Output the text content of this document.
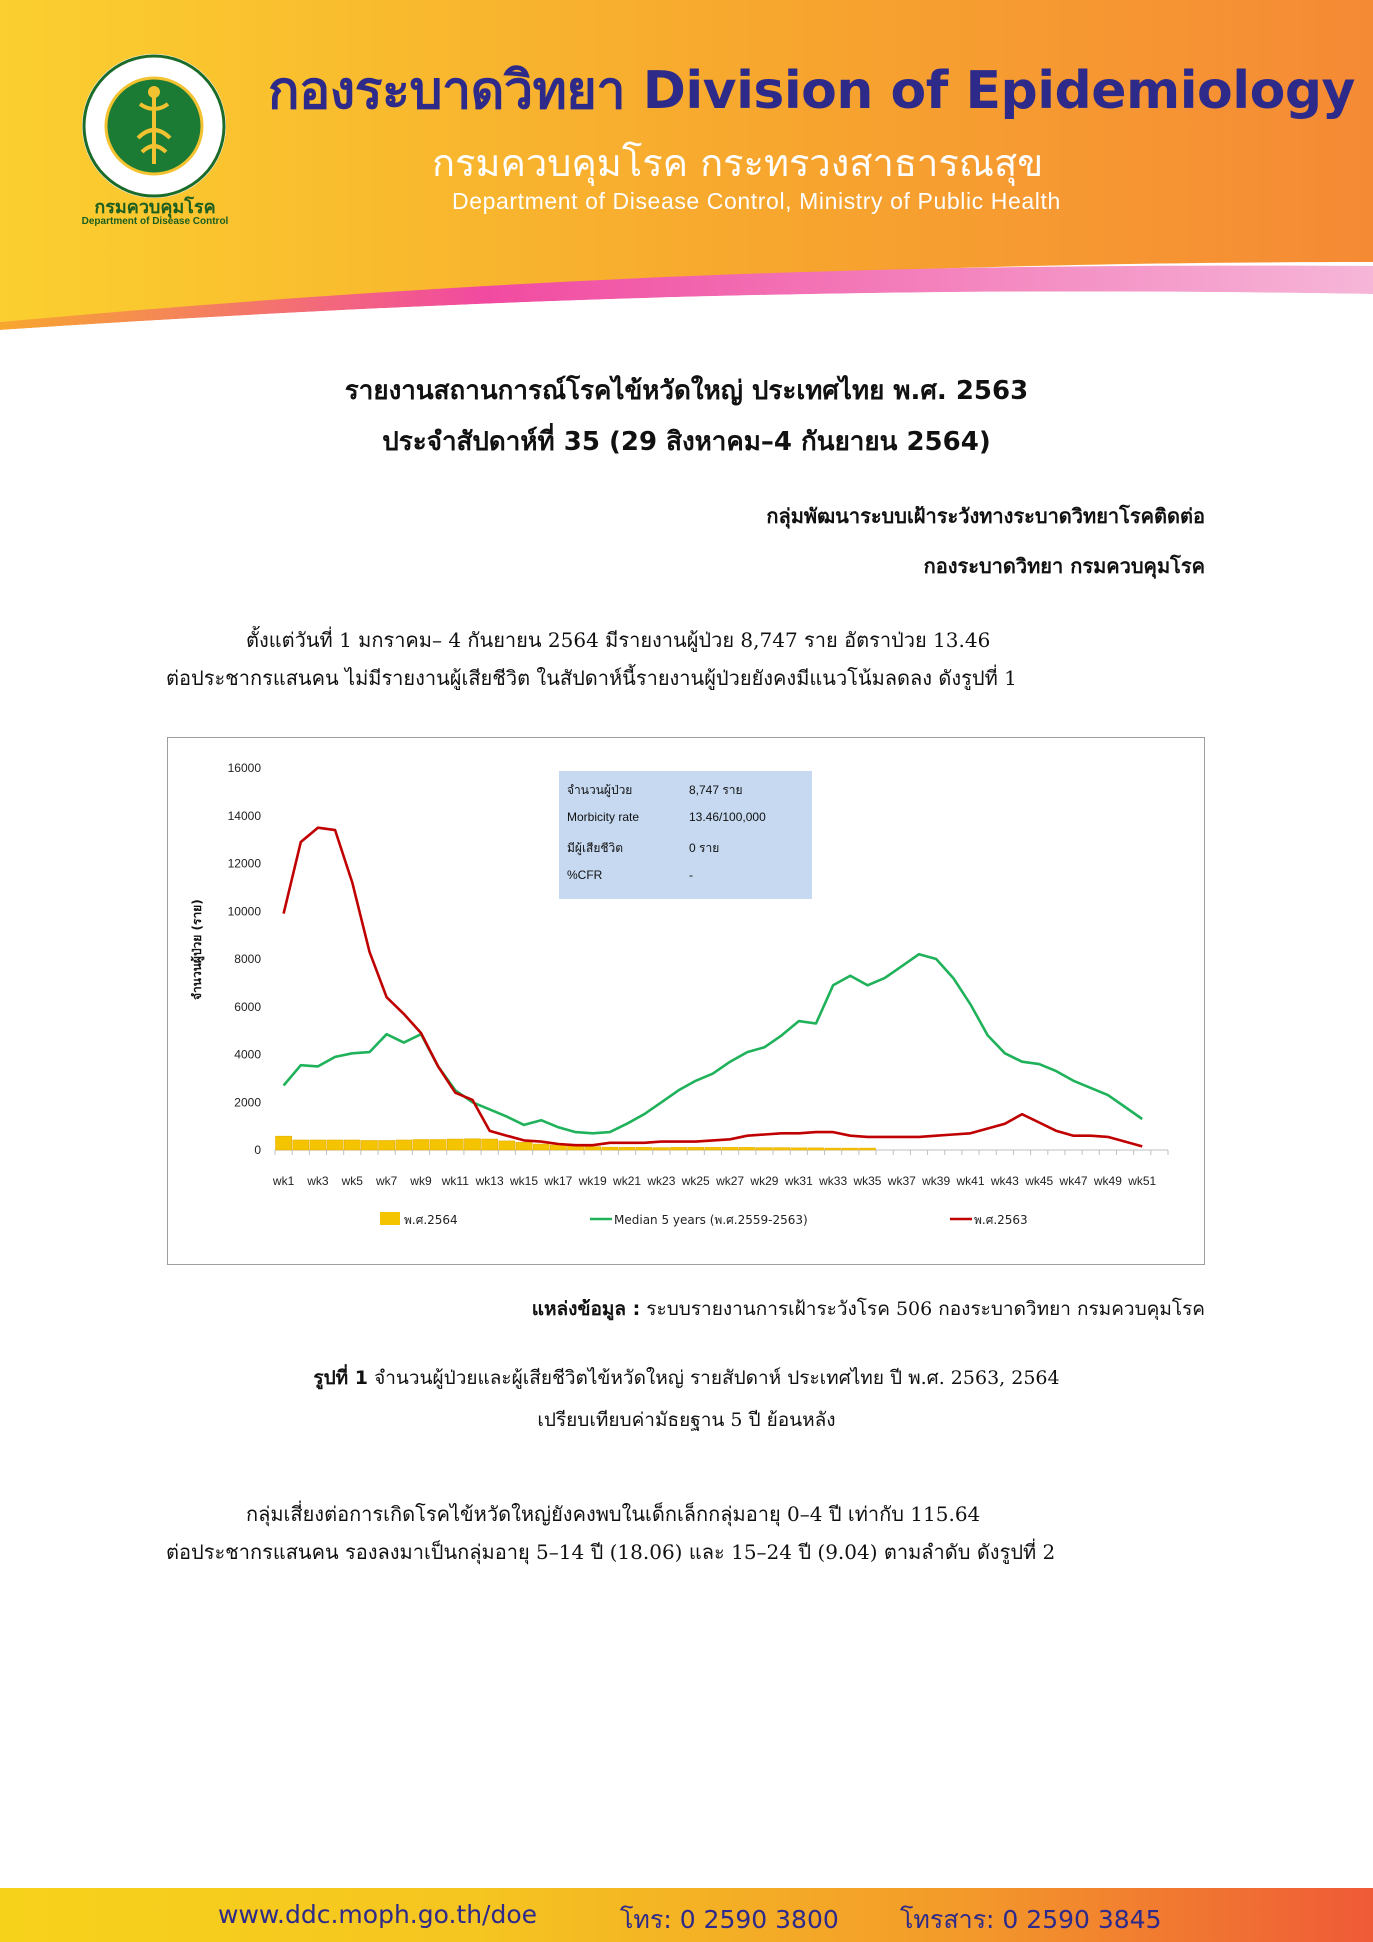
กรมควบคุมโรค
Department of Disease Control
กองระบาดวิทยา Division of Epidemiology
กรมควบคุมโรค กระทรวงสาธารณสุข
Department of Disease Control, Ministry of Public Health
รายงานสถานการณ์โรคไข้หวัดใหญ่ ประเทศไทย พ.ศ. 2563
ประจำสัปดาห์ที่ 35 (29 สิงหาคม–4 กันยายน 2564)
กลุ่มพัฒนาระบบเฝ้าระวังทางระบาดวิทยาโรคติดต่อ
กองระบาดวิทยา กรมควบคุมโรค
ตั้งแต่วันที่ 1 มกราคม– 4 กันยายน 2564 มีรายงานผู้ป่วย 8,747 ราย อัตราป่วย 13.46
ต่อประชากรแสนคน ไม่มีรายงานผู้เสียชีวิต ในสัปดาห์นี้รายงานผู้ป่วยยังคงมีแนวโน้มลดลง ดังรูปที่ 1
0
2000
4000
6000
8000
10000
12000
14000
16000
wk1 wk3 wk5 wk7 wk9 wk11 wk13 wk15 wk17 wk19 wk21 wk23 wk25 wk27 wk29 wk31 wk33 wk35 wk37 wk39 wk41 wk43 wk45 wk47 wk49 wk51
พ.ศ.2564	Median 5 years (พ.ศ.2559-2563)	พ.ศ.2563
จำนวนผู้ป่วย (ราย)
จำนวนผู้ป่วย	8,747 ราย
Morbicity rate	13.46/100,000
มีผู้เสียชีวิต	0 ราย
%CFR	-
แหล่งข้อมูล : ระบบรายงานการเฝ้าระวังโรค 506 กองระบาดวิทยา กรมควบคุมโรค
รูปที่ 1 จำนวนผู้ป่วยและผู้เสียชีวิตไข้หวัดใหญ่ รายสัปดาห์ ประเทศไทย ปี พ.ศ. 2563, 2564
เปรียบเทียบค่ามัธยฐาน 5 ปี ย้อนหลัง
กลุ่มเสี่ยงต่อการเกิดโรคไข้หวัดใหญ่ยังคงพบในเด็กเล็กกลุ่มอายุ 0–4 ปี เท่ากับ 115.64
ต่อประชากรแสนคน รองลงมาเป็นกลุ่มอายุ 5–14 ปี (18.06) และ 15–24 ปี (9.04) ตามลำดับ ดังรูปที่ 2
www.ddc.moph.go.th/doe	โทร: 0 2590 3800 โทรสาร: 0 2590 3845
